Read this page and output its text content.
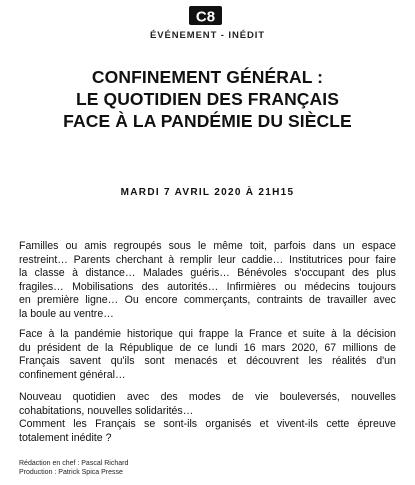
C8
ÉVÉNEMENT - INÉDIT
CONFINEMENT GÉNÉRAL :
LE QUOTIDIEN DES FRANÇAIS
FACE À LA PANDÉMIE DU SIÈCLE
MARDI 7 AVRIL 2020 À 21H15
Familles ou amis regroupés sous le même toit, parfois dans un espace
restreint… Parents cherchant à remplir leur caddie… Institutrices pour faire
la classe à distance… Malades guéris… Bénévoles s'occupant des plus
fragiles… Mobilisations des autorités… Infirmières ou médecins toujours
en première ligne… Ou encore commerçants, contraints de travailler avec
la boule au ventre…
Face à la pandémie historique qui frappe la France et suite à la décision
du président de la République de ce lundi 16 mars 2020, 67 millions de
Français savent qu'ils sont menacés et découvrent les réalités d'un
confinement général…
Nouveau quotidien avec des modes de vie bouleversés, nouvelles
cohabitations, nouvelles solidarités…
Comment les Français se sont-ils organisés et vivent-ils cette épreuve
totalement inédite ?
Rédaction en chef : Pascal Richard
Production : Patrick Spica Presse
